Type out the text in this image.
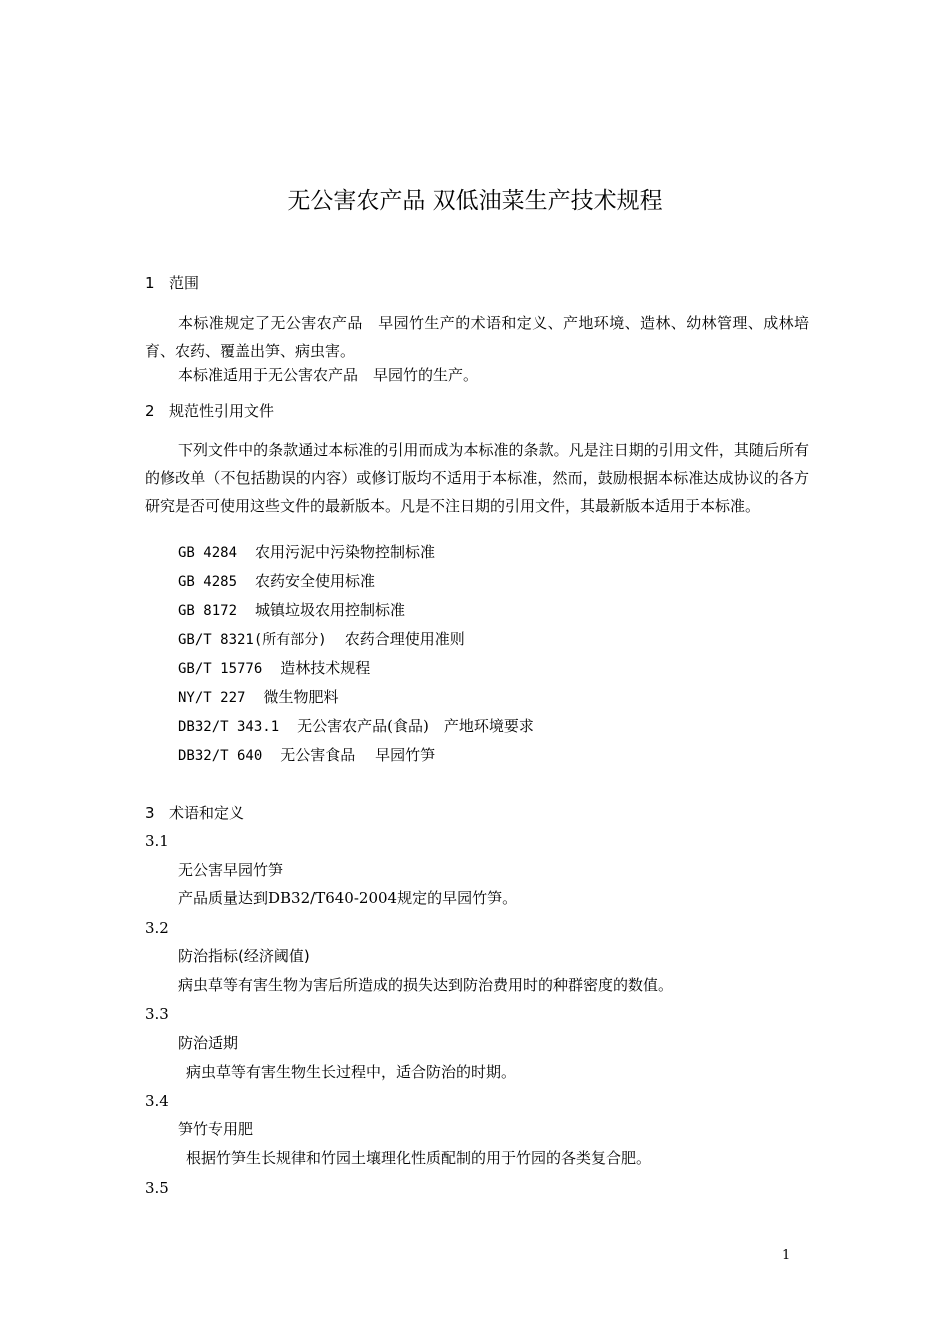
无公害农产品 双低油菜生产技术规程
1 范围
本标准规定了无公害农产品　早园竹生产的术语和定义、产地环境、造林、幼林管理、成林培育、农药、覆盖出笋、病虫害。
本标准适用于无公害农产品　早园竹的生产。
2 规范性引用文件
下列文件中的条款通过本标准的引用而成为本标准的条款。凡是注日期的引用文件，其随后所有的修改单（不包括勘误的内容）或修订版均不适用于本标准，然而，鼓励根据本标准达成协议的各方研究是否可使用这些文件的最新版本。凡是不注日期的引用文件，其最新版本适用于本标准。
GB 4284 农用污泥中污染物控制标准
GB 4285 农药安全使用标准
GB 8172 城镇垃圾农用控制标准
GB/T 8321(所有部分) 农药合理使用准则
GB/T 15776 造林技术规程
NY/T 227 微生物肥料
DB32/T 343.1 无公害农产品(食品)　产地环境要求
DB32/T 640 无公害食品　 早园竹笋
3 术语和定义
3.1
无公害早园竹笋
产品质量达到DB32/T640-2004规定的早园竹笋。
3.2
防治指标(经济阈值)
病虫草等有害生物为害后所造成的损失达到防治费用时的种群密度的数值。
3.3
防治适期
病虫草等有害生物生长过程中，适合防治的时期。
3.4
笋竹专用肥
根据竹笋生长规律和竹园土壤理化性质配制的用于竹园的各类复合肥。
3.5
1
